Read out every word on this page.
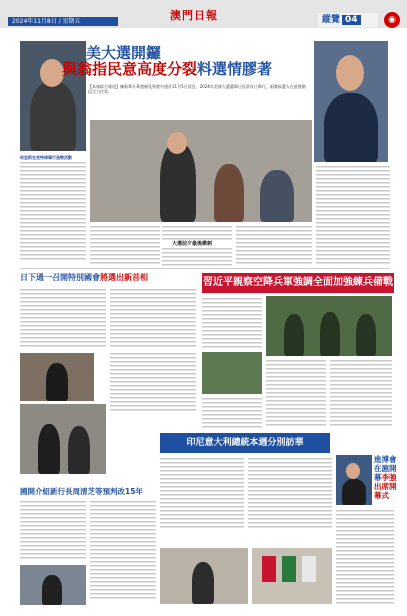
2024年11月8日 / 星期五	澳門日報	縱覽 04	◉
哈里斯在底特律舉行造勢活動
美大選開鑼
與翁指民意高度分裂料選情膠著
【本報綜合報道】據新華社華盛頓及香港中通社11月5日消息，2024年美國大選選舉日投票首日舉行，兩黨候選人在最後階段全力拉票。
大選前夕最後衝刺
日下通一召開特別國會將選出新首相	習近平親察空降兵軍強調全面加強練兵備戰
印尼意大利總統本週分別訪華
進博會在滬開幕李強出席開幕式
國開介紹新行長周清芝等預判改15年
